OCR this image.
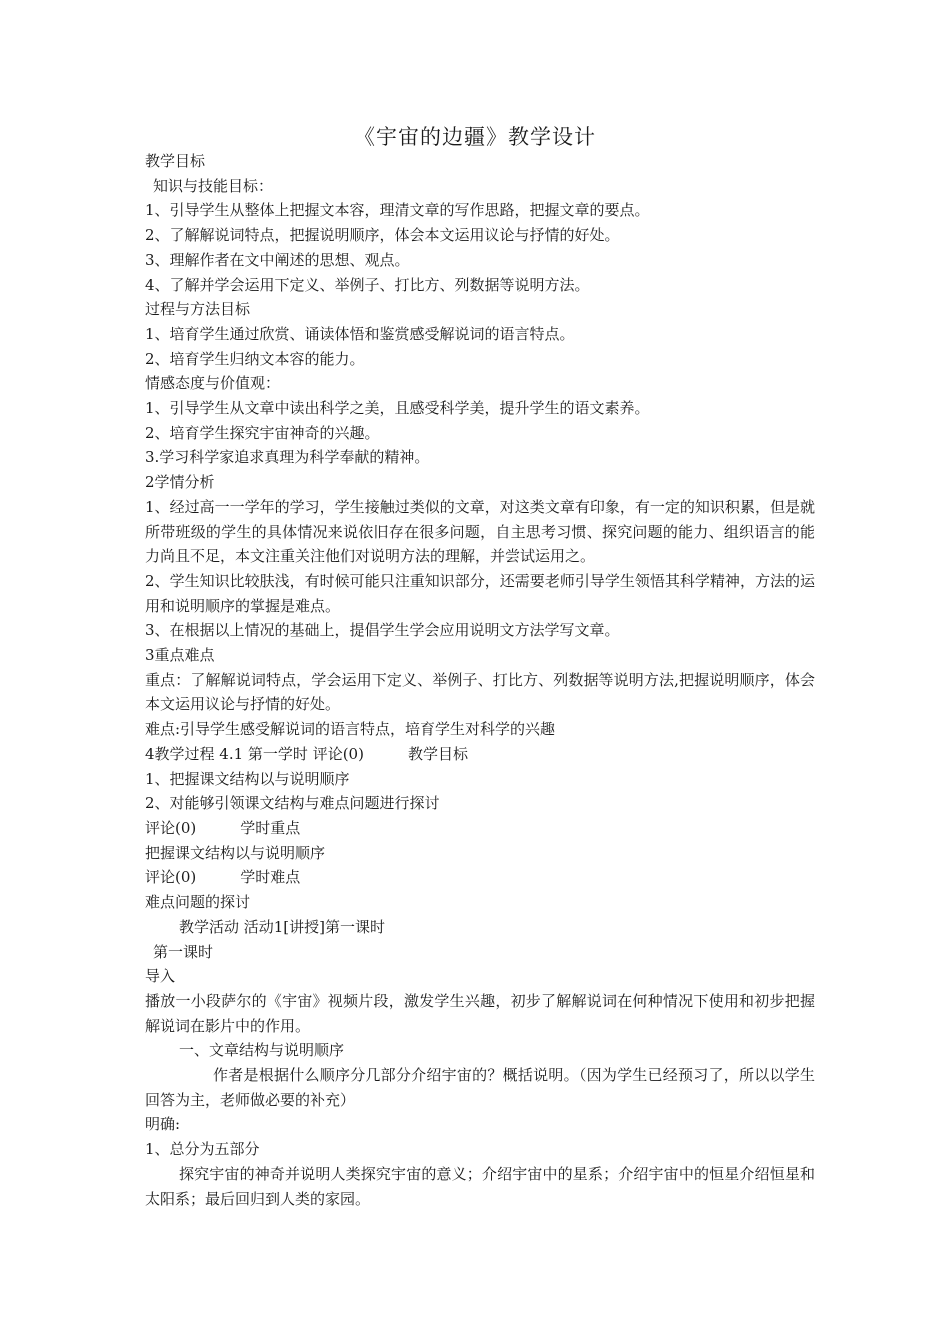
《宇宙的边疆》教学设计

教学目标

知识与技能目标：

1、引导学生从整体上把握文本容，理清文章的写作思路，把握文章的要点。

2、了解解说词特点，把握说明顺序，体会本文运用议论与抒情的好处。

3、理解作者在文中阐述的思想、观点。

4、了解并学会运用下定义、举例子、打比方、列数据等说明方法。

过程与方法目标

1、培育学生通过欣赏、诵读体悟和鉴赏感受解说词的语言特点。

2、培育学生归纳文本容的能力。

情感态度与价值观：

1、引导学生从文章中读出科学之美，且感受科学美，提升学生的语文素养。

2、培育学生探究宇宙神奇的兴趣。

3.学习科学家追求真理为科学奉献的精神。

2学情分析

1、经过高一一学年的学习，学生接触过类似的文章，对这类文章有印象，有一定的知识积累，但是就所带班级的学生的具体情况来说依旧存在很多问题，自主思考习惯、探究问题的能力、组织语言的能力尚且不足，本文注重关注他们对说明方法的理解，并尝试运用之。

2、学生知识比较肤浅，有时候可能只注重知识部分，还需要老师引导学生领悟其科学精神，方法的运用和说明顺序的掌握是难点。

3、在根据以上情况的基础上，提倡学生学会应用说明文方法学写文章。

3重点难点

重点：了解解说词特点，学会运用下定义、举例子、打比方、列数据等说明方法,把握说明顺序，体会本文运用议论与抒情的好处。

难点:引导学生感受解说词的语言特点，培育学生对科学的兴趣

4教学过程 4.1 第一学时 评论(0)	教学目标

1、把握课文结构以与说明顺序

2、对能够引领课文结构与难点问题进行探讨

评论(0)	学时重点

把握课文结构以与说明顺序

评论(0)	学时难点

难点问题的探讨

教学活动 活动1[讲授]第一课时

第一课时

导入

播放一小段萨尔的《宇宙》视频片段，激发学生兴趣，初步了解解说词在何种情况下使用和初步把握解说词在影片中的作用。

一、文章结构与说明顺序

作者是根据什么顺序分几部分介绍宇宙的？概括说明。（因为学生已经预习了，所以以学生回答为主，老师做必要的补充）

明确:

1、总分为五部分

探究宇宙的神奇并说明人类探究宇宙的意义；介绍宇宙中的星系；介绍宇宙中的恒星介绍恒星和太阳系；最后回归到人类的家园。
